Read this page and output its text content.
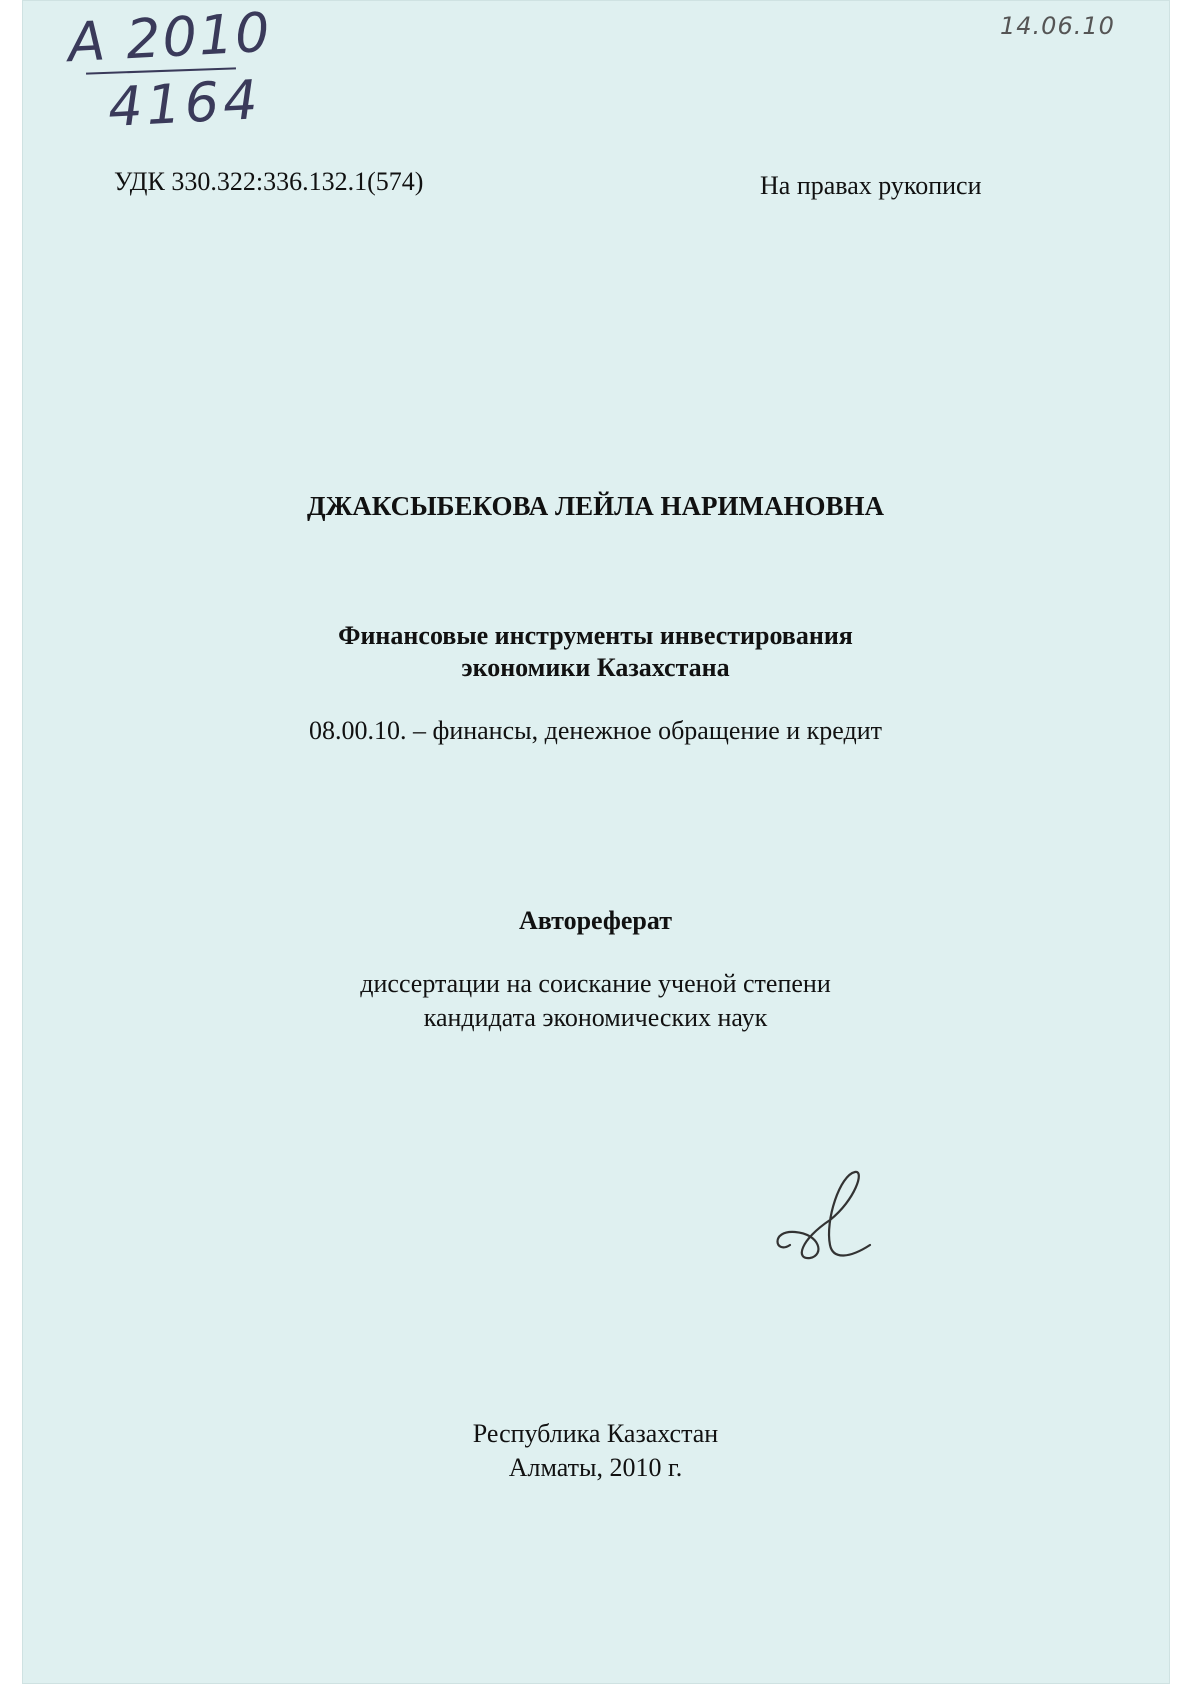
A 2010
4164
14.06.10
УДК 330.322:336.132.1(574)	На правах рукописи
ДЖАКСЫБЕКОВА ЛЕЙЛА НАРИМАНОВНА
Финансовые инструменты инвестирования
экономики Казахстана
08.00.10. – финансы, денежное обращение и кредит
Автореферат
диссертации на соискание ученой степени
кандидата экономических наук
Республика Казахстан
Алматы, 2010 г.
